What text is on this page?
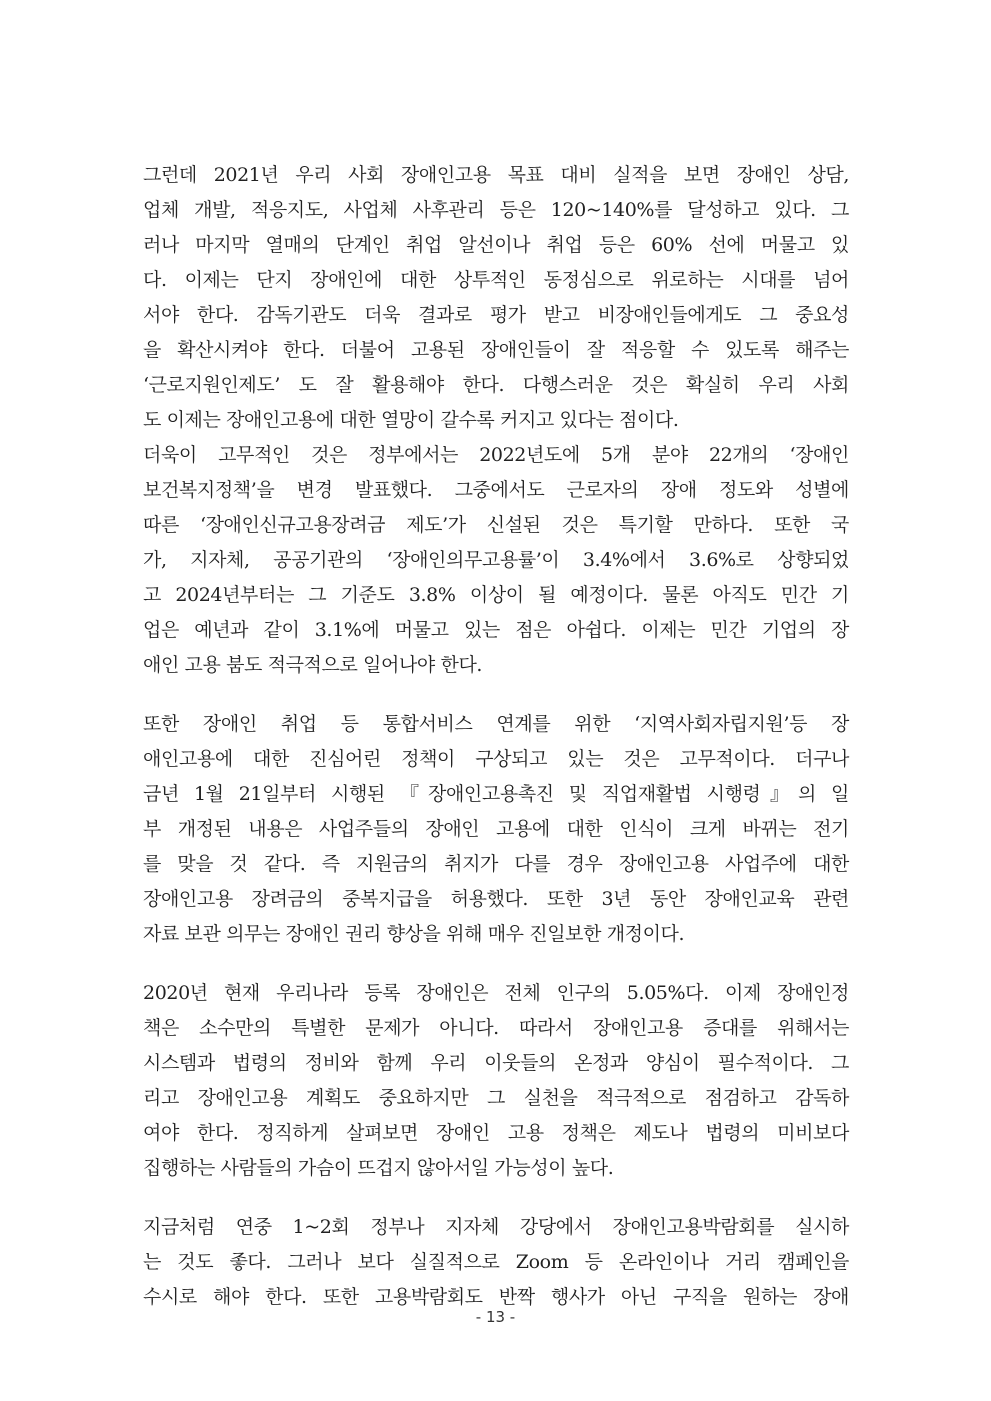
그런데 2021년 우리 사회 장애인고용 목표 대비 실적을 보면 장애인 상담,
업체 개발, 적응지도, 사업체 사후관리 등은 120~140%를 달성하고 있다. 그
러나 마지막 열매의 단계인 취업 알선이나 취업 등은 60% 선에 머물고 있
다. 이제는 단지 장애인에 대한 상투적인 동정심으로 위로하는 시대를 넘어
서야 한다. 감독기관도 더욱 결과로 평가 받고 비장애인들에게도 그 중요성
을 확산시켜야 한다. 더불어 고용된 장애인들이 잘 적응할 수 있도록 해주는
‘근로지원인제도’ 도 잘 활용해야 한다. 다행스러운 것은 확실히 우리 사회
도 이제는 장애인고용에 대한 열망이 갈수록 커지고 있다는 점이다.
더욱이 고무적인 것은 정부에서는 2022년도에 5개 분야 22개의 ‘장애인
보건복지정책’을 변경 발표했다. 그중에서도 근로자의 장애 정도와 성별에
따른 ‘장애인신규고용장려금 제도’가 신설된 것은 특기할 만하다. 또한 국
가, 지자체, 공공기관의 ‘장애인의무고용률’이 3.4%에서 3.6%로 상향되었
고 2024년부터는 그 기준도 3.8% 이상이 될 예정이다. 물론 아직도 민간 기
업은 예년과 같이 3.1%에 머물고 있는 점은 아쉽다. 이제는 민간 기업의 장
애인 고용 붐도 적극적으로 일어나야 한다.
또한 장애인 취업 등 통합서비스 연계를 위한 ‘지역사회자립지원’등 장
애인고용에 대한 진심어린 정책이 구상되고 있는 것은 고무적이다. 더구나
금년 1월 21일부터 시행된 『장애인고용촉진 및 직업재활법 시행령』의 일
부 개정된 내용은 사업주들의 장애인 고용에 대한 인식이 크게 바뀌는 전기
를 맞을 것 같다. 즉 지원금의 취지가 다를 경우 장애인고용 사업주에 대한
장애인고용 장려금의 중복지급을 허용했다. 또한 3년 동안 장애인교육 관련
자료 보관 의무는 장애인 권리 향상을 위해 매우 진일보한 개정이다.
2020년 현재 우리나라 등록 장애인은 전체 인구의 5.05%다. 이제 장애인정
책은 소수만의 특별한 문제가 아니다. 따라서 장애인고용 증대를 위해서는
시스템과 법령의 정비와 함께 우리 이웃들의 온정과 양심이 필수적이다. 그
리고 장애인고용 계획도 중요하지만 그 실천을 적극적으로 점검하고 감독하
여야 한다. 정직하게 살펴보면 장애인 고용 정책은 제도나 법령의 미비보다
집행하는 사람들의 가슴이 뜨겁지 않아서일 가능성이 높다.
지금처럼 연중 1~2회 정부나 지자체 강당에서 장애인고용박람회를 실시하
는 것도 좋다. 그러나 보다 실질적으로 Zoom 등 온라인이나 거리 캠페인을
수시로 해야 한다. 또한 고용박람회도 반짝 행사가 아닌 구직을 원하는 장애
- 13 -
